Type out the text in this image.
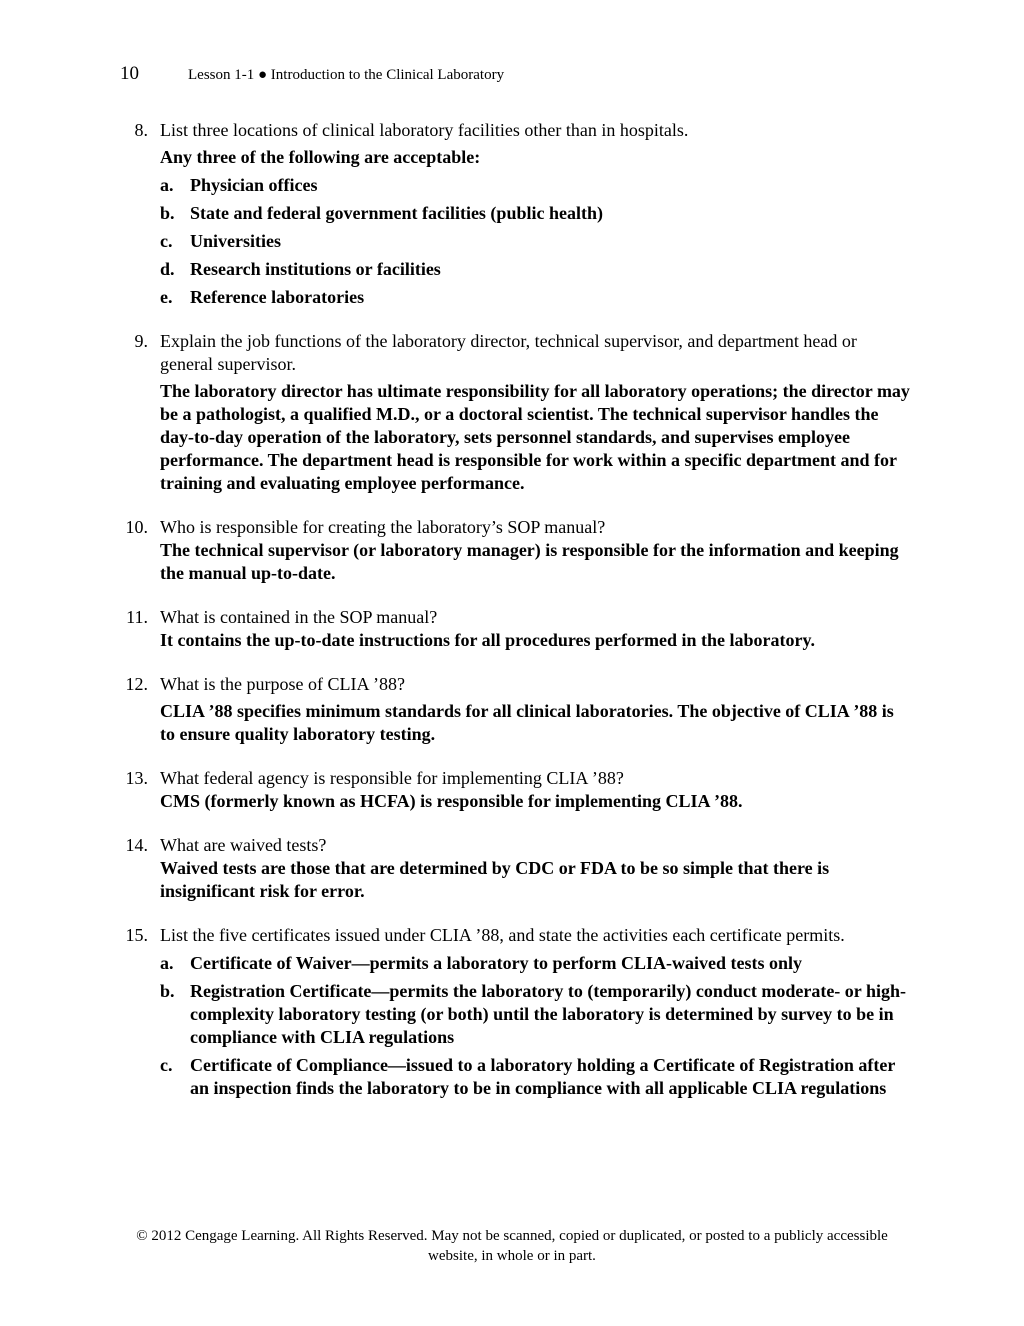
10	Lesson 1-1 ● Introduction to the Clinical Laboratory
8. List three locations of clinical laboratory facilities other than in hospitals.
Any three of the following are acceptable:
a. Physician offices
b. State and federal government facilities (public health)
c. Universities
d. Research institutions or facilities
e. Reference laboratories
9. Explain the job functions of the laboratory director, technical supervisor, and department head or general supervisor.
The laboratory director has ultimate responsibility for all laboratory operations; the director may be a pathologist, a qualified M.D., or a doctoral scientist. The technical supervisor handles the day-to-day operation of the laboratory, sets personnel standards, and supervises employee performance. The department head is responsible for work within a specific department and for training and evaluating employee performance.
10. Who is responsible for creating the laboratory’s SOP manual?
The technical supervisor (or laboratory manager) is responsible for the information and keeping the manual up-to-date.
11. What is contained in the SOP manual?
It contains the up-to-date instructions for all procedures performed in the laboratory.
12. What is the purpose of CLIA ’88?
CLIA ’88 specifies minimum standards for all clinical laboratories. The objective of CLIA ’88 is to ensure quality laboratory testing.
13. What federal agency is responsible for implementing CLIA ’88?
CMS (formerly known as HCFA) is responsible for implementing CLIA ’88.
14. What are waived tests?
Waived tests are those that are determined by CDC or FDA to be so simple that there is insignificant risk for error.
15. List the five certificates issued under CLIA ’88, and state the activities each certificate permits.
a. Certificate of Waiver—permits a laboratory to perform CLIA-waived tests only
b. Registration Certificate—permits the laboratory to (temporarily) conduct moderate- or high-complexity laboratory testing (or both) until the laboratory is determined by survey to be in compliance with CLIA regulations
c. Certificate of Compliance—issued to a laboratory holding a Certificate of Registration after an inspection finds the laboratory to be in compliance with all applicable CLIA regulations
© 2012 Cengage Learning. All Rights Reserved. May not be scanned, copied or duplicated, or posted to a publicly accessible website, in whole or in part.
